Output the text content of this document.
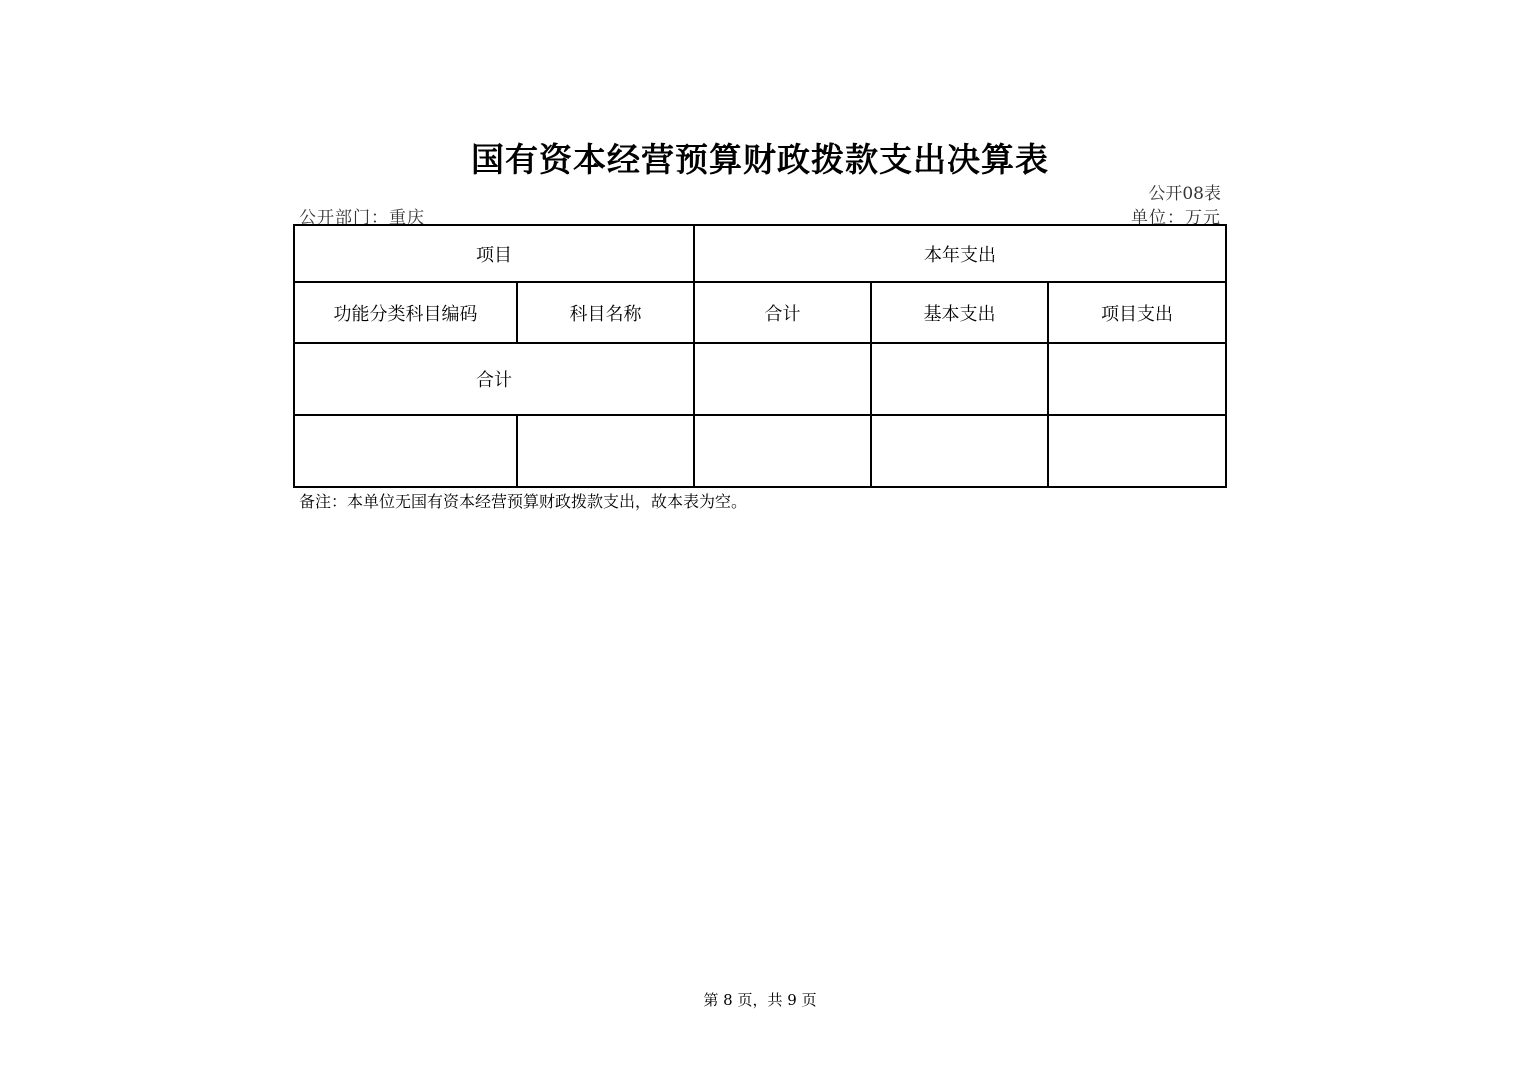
国有资本经营预算财政拨款支出决算表
公开08表
公开部门：重庆	单位：万元
项目		本年支出		
功能分类科目编码	科目名称	合计	基本支出	项目支出
合计				

备注：本单位无国有资本经营预算财政拨款支出，故本表为空。
第 8 页，共 9 页
